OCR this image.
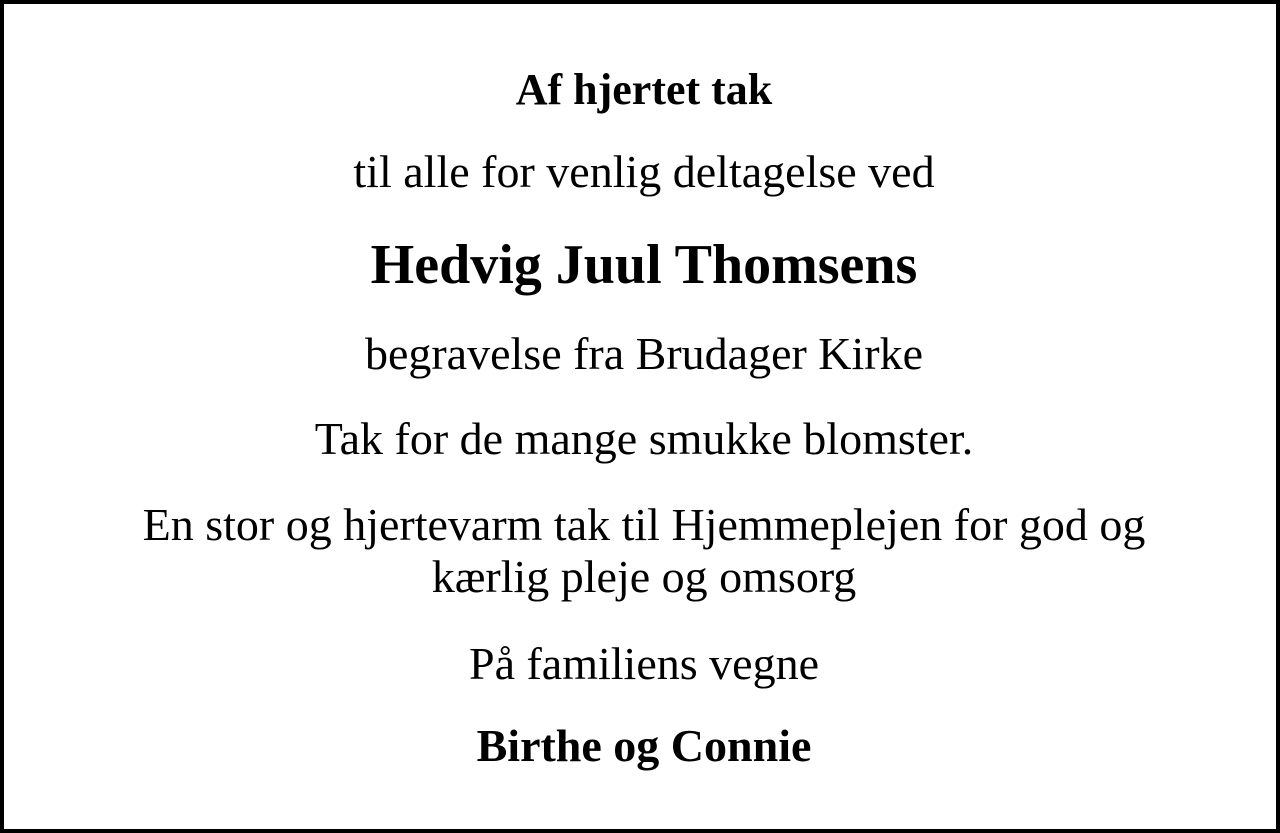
Af hjertet tak

til alle for venlig deltagelse ved

Hedvig Juul Thomsens

begravelse fra Brudager Kirke

Tak for de mange smukke blomster.

En stor og hjertevarm tak til Hjemmeplejen for god og
kærlig pleje og omsorg

På familiens vegne

Birthe og Connie
